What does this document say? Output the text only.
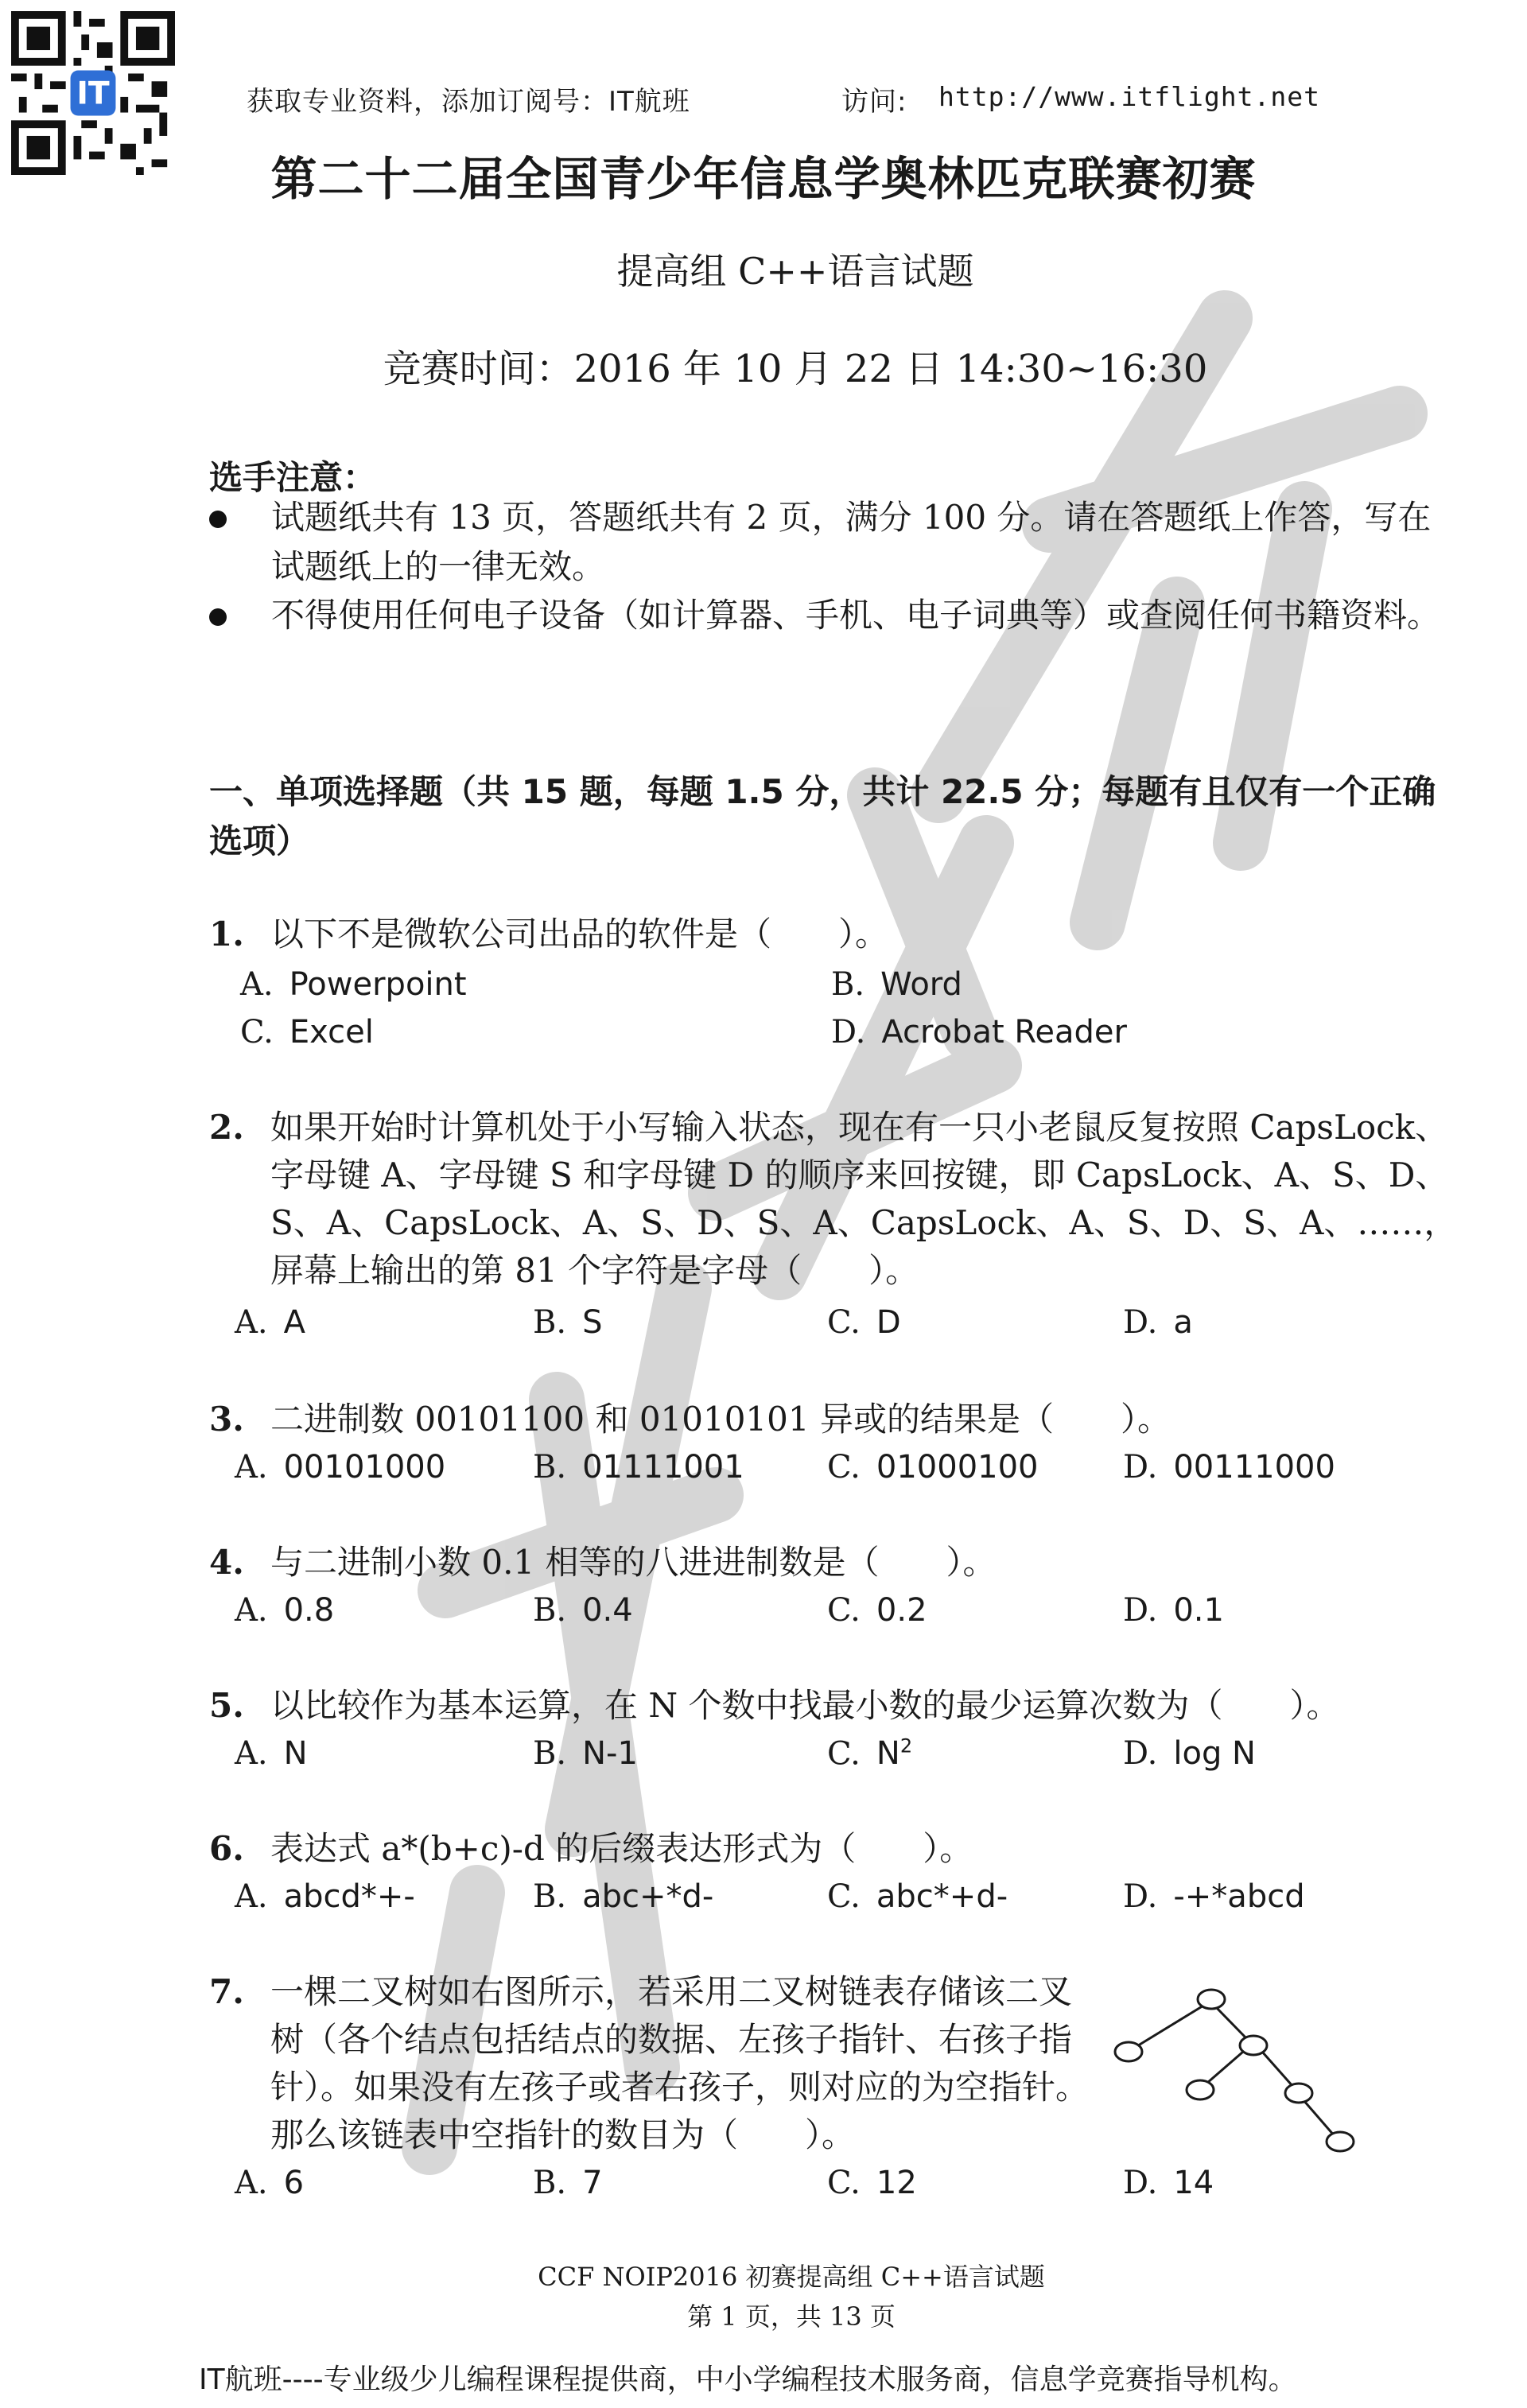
IT	获取专业资料，添加订阅号：IT航班	访问: http://www.itflight.net
第二十二届全国青少年信息学奥林匹克联赛初赛
提高组 C++语言试题
竞赛时间：2016 年 10 月 22 日 14:30~16:30
选手注意：
试题纸共有 13 页，答题纸共有 2 页，满分 100 分。请在答题纸上作答，写在试题纸上的一律无效。
不得使用任何电子设备（如计算器、手机、电子词典等）或查阅任何书籍资料。
一、单项选择题（共 15 题，每题 1.5 分，共计 22.5 分；每题有且仅有一个正确选项）
1. 以下不是微软公司出品的软件是（　　）。
A. Powerpoint	B. Word
C. Excel	D. Acrobat Reader
2. 如果开始时计算机处于小写输入状态，现在有一只小老鼠反复按照 CapsLock、
字母键 A、字母键 S 和字母键 D 的顺序来回按键，即 CapsLock、A、S、D、
S、A、CapsLock、A、S、D、S、A、CapsLock、A、S、D、S、A、……，
屏幕上输出的第 81 个字符是字母（　　）。
A. A	B. S	C. D	D. a
3. 二进制数 00101100 和 01010101 异或的结果是（　　）。
A. 00101000	B. 01111001	C. 01000100	D. 00111000
4. 与二进制小数 0.1 相等的八进进制数是（　　）。
A. 0.8	B. 0.4	C. 0.2	D. 0.1
5. 以比较作为基本运算，在 N 个数中找最小数的最少运算次数为（　　）。
A. N	B. N-1	C. $N^2$	D. log N
6. 表达式 a*(b+c)-d 的后缀表达形式为（　　）。
A. abcd*+-	B. abc+*d-	C. abc*+d-	D. -+*abcd
7. 一棵二叉树如右图所示，若采用二叉树链表存储该二叉
树（各个结点包括结点的数据、左孩子指针、右孩子指
针）。如果没有左孩子或者右孩子，则对应的为空指针。
那么该链表中空指针的数目为（　　）。
A. 6	B. 7	C. 12	D. 14
CCF NOIP2016 初赛提高组 C++语言试题
第 1 页，共 13 页
IT航班----专业级少儿编程课程提供商，中小学编程技术服务商，信息学竞赛指导机构。
